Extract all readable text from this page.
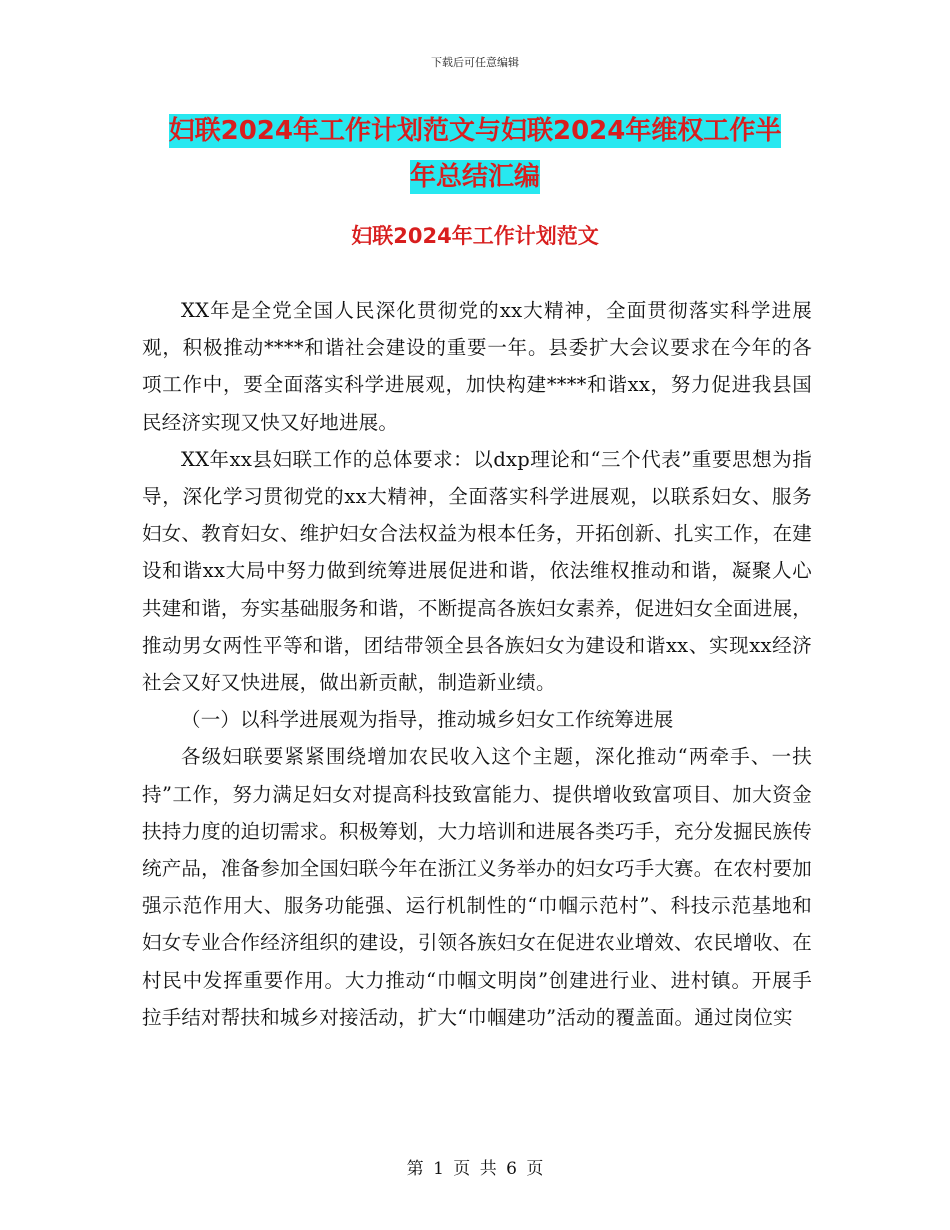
下载后可任意编辑
妇联2024年工作计划范文与妇联2024年维权工作半
年总结汇编
妇联2024年工作计划范文

XX年是全党全国人民深化贯彻党的xx大精神，全面贯彻落实科学进展观，积极推动****和谐社会建设的重要一年。县委扩大会议要求在今年的各项工作中，要全面落实科学进展观，加快构建****和谐xx，努力促进我县国民经济实现又快又好地进展。

XX年xx县妇联工作的总体要求：以dxp理论和“三个代表”重要思想为指导，深化学习贯彻党的xx大精神，全面落实科学进展观，以联系妇女、服务妇女、教育妇女、维护妇女合法权益为根本任务，开拓创新、扎实工作，在建设和谐xx大局中努力做到统筹进展促进和谐，依法维权推动和谐，凝聚人心共建和谐，夯实基础服务和谐，不断提高各族妇女素养，促进妇女全面进展，推动男女两性平等和谐，团结带领全县各族妇女为建设和谐xx、实现xx经济社会又好又快进展，做出新贡献，制造新业绩。

（一）以科学进展观为指导，推动城乡妇女工作统筹进展

各级妇联要紧紧围绕增加农民收入这个主题，深化推动“两牵手、一扶持”工作，努力满足妇女对提高科技致富能力、提供增收致富项目、加大资金扶持力度的迫切需求。积极筹划，大力培训和进展各类巧手，充分发掘民族传统产品，准备参加全国妇联今年在浙江义务举办的妇女巧手大赛。在农村要加强示范作用大、服务功能强、运行机制性的“巾帼示范村”、科技示范基地和妇女专业合作经济组织的建设，引领各族妇女在促进农业增效、农民增收、在村民中发挥重要作用。大力推动“巾帼文明岗”创建进行业、进村镇。开展手拉手结对帮扶和城乡对接活动，扩大“巾帼建功”活动的覆盖面。通过岗位实

第 1 页 共 6 页
